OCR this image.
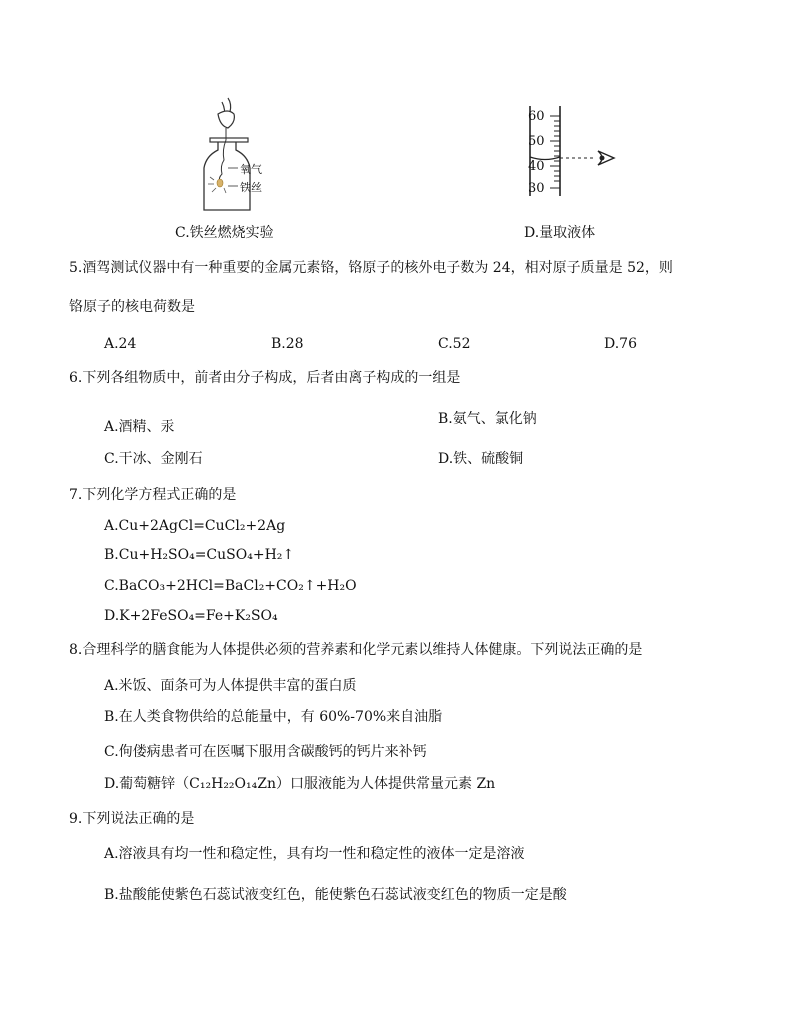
氧气
铁丝
C.铁丝燃烧实验
60
50
40
30
D.量取液体
5.酒驾测试仪器中有一种重要的金属元素铬，铬原子的核外电子数为 24，相对原子质量是 52，则
铬原子的核电荷数是
A.24	B.28	C.52	D.76
6.下列各组物质中，前者由分子构成，后者由离子构成的一组是
A.酒精、汞	B.氨气、氯化钠
C.干冰、金刚石	D.铁、硫酸铜
7.下列化学方程式正确的是
A.Cu+2AgCl=CuCl₂+2Ag
B.Cu+H₂SO₄=CuSO₄+H₂↑
C.BaCO₃+2HCl=BaCl₂+CO₂↑+H₂O
D.K+2FeSO₄=Fe+K₂SO₄
8.合理科学的膳食能为人体提供必须的营养素和化学元素以维持人体健康。下列说法正确的是
A.米饭、面条可为人体提供丰富的蛋白质
B.在人类食物供给的总能量中，有 60%-70%来自油脂
C.佝偻病患者可在医嘱下服用含碳酸钙的钙片来补钙
D.葡萄糖锌（C₁₂H₂₂O₁₄Zn）口服液能为人体提供常量元素 Zn
9.下列说法正确的是
A.溶液具有均一性和稳定性，具有均一性和稳定性的液体一定是溶液
B.盐酸能使紫色石蕊试液变红色，能使紫色石蕊试液变红色的物质一定是酸
